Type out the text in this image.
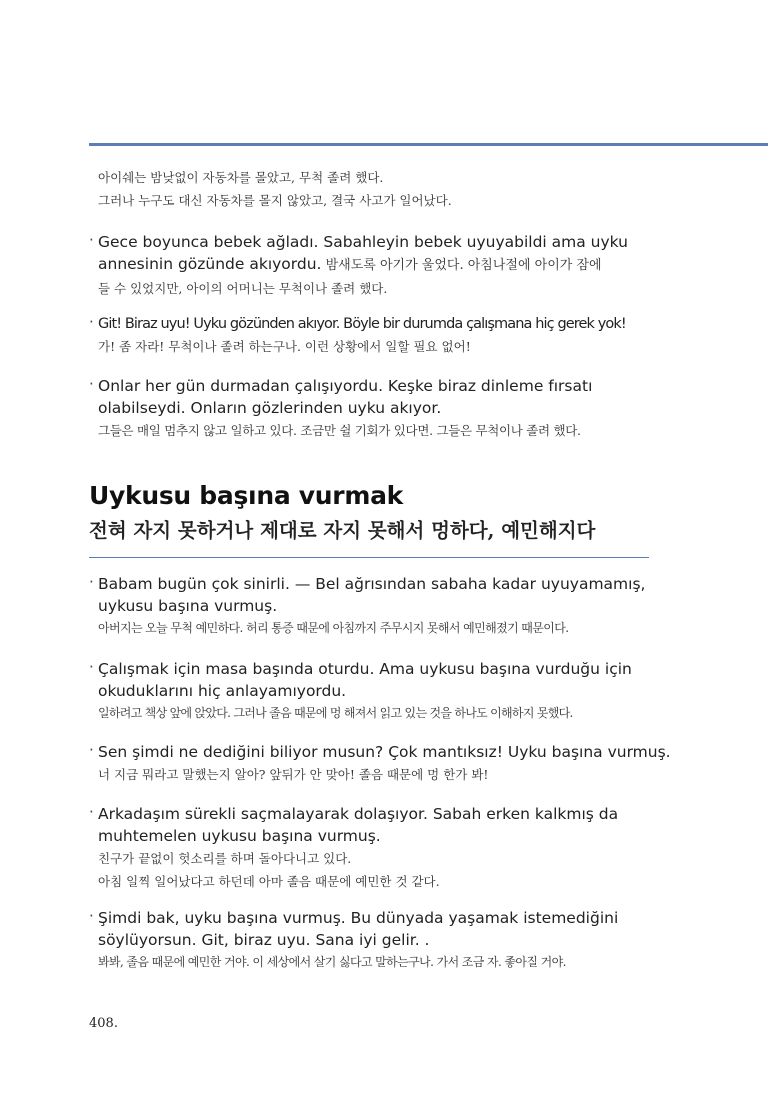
아이쉐는 밤낮없이 자동차를 몰았고, 무척 졸려 했다.
그러나 누구도 대신 자동차를 몰지 않았고, 결국 사고가 일어났다.
· Gece boyunca bebek ağladı. Sabahleyin bebek uyuyabildi ama uyku
annesinin gözünde akıyordu. 밤새도록 아기가 울었다. 아침나절에 아이가 잠에
들 수 있었지만, 아이의 어머니는 무척이나 졸려 했다.
· Git! Biraz uyu! Uyku gözünden akıyor. Böyle bir durumda çalışmana hiç gerek yok!
가! 좀 자라! 무척이나 졸려 하는구나. 이런 상황에서 일할 필요 없어!
· Onlar her gün durmadan çalışıyordu. Keşke biraz dinleme fırsatı
olabilseydi. Onların gözlerinden uyku akıyor.
그들은 매일 멈추지 않고 일하고 있다. 조금만 쉴 기회가 있다면. 그들은 무척이나 졸려 했다.
Uykusu başına vurmak
전혀 자지 못하거나 제대로 자지 못해서 멍하다, 예민해지다
· Babam bugün çok sinirli. — Bel ağrısından sabaha kadar uyuyamamış,
uykusu başına vurmuş.
아버지는 오늘 무척 예민하다. 허리 통증 때문에 아침까지 주무시지 못해서 예민해졌기 때문이다.
· Çalışmak için masa başında oturdu. Ama uykusu başına vurduğu için
okuduklarını hiç anlayamıyordu.
일하려고 책상 앞에 앉았다. 그러나 졸음 때문에 멍 해져서 읽고 있는 것을 하나도 이해하지 못했다.
· Sen şimdi ne dediğini biliyor musun? Çok mantıksız! Uyku başına vurmuş.
너 지금 뭐라고 말했는지 알아? 앞뒤가 안 맞아! 졸음 때문에 멍 한가 봐!
· Arkadaşım sürekli saçmalayarak dolaşıyor. Sabah erken kalkmış da
muhtemelen uykusu başına vurmuş.
친구가 끝없이 헛소리를 하며 돌아다니고 있다.
아침 일찍 일어났다고 하던데 아마 졸음 때문에 예민한 것 같다.
· Şimdi bak, uyku başına vurmuş. Bu dünyada yaşamak istemediğini
söylüyorsun. Git, biraz uyu. Sana iyi gelir. .
봐봐, 졸음 때문에 예민한 거야. 이 세상에서 살기 싫다고 말하는구나. 가서 조금 자. 좋아질 거야.
408.
